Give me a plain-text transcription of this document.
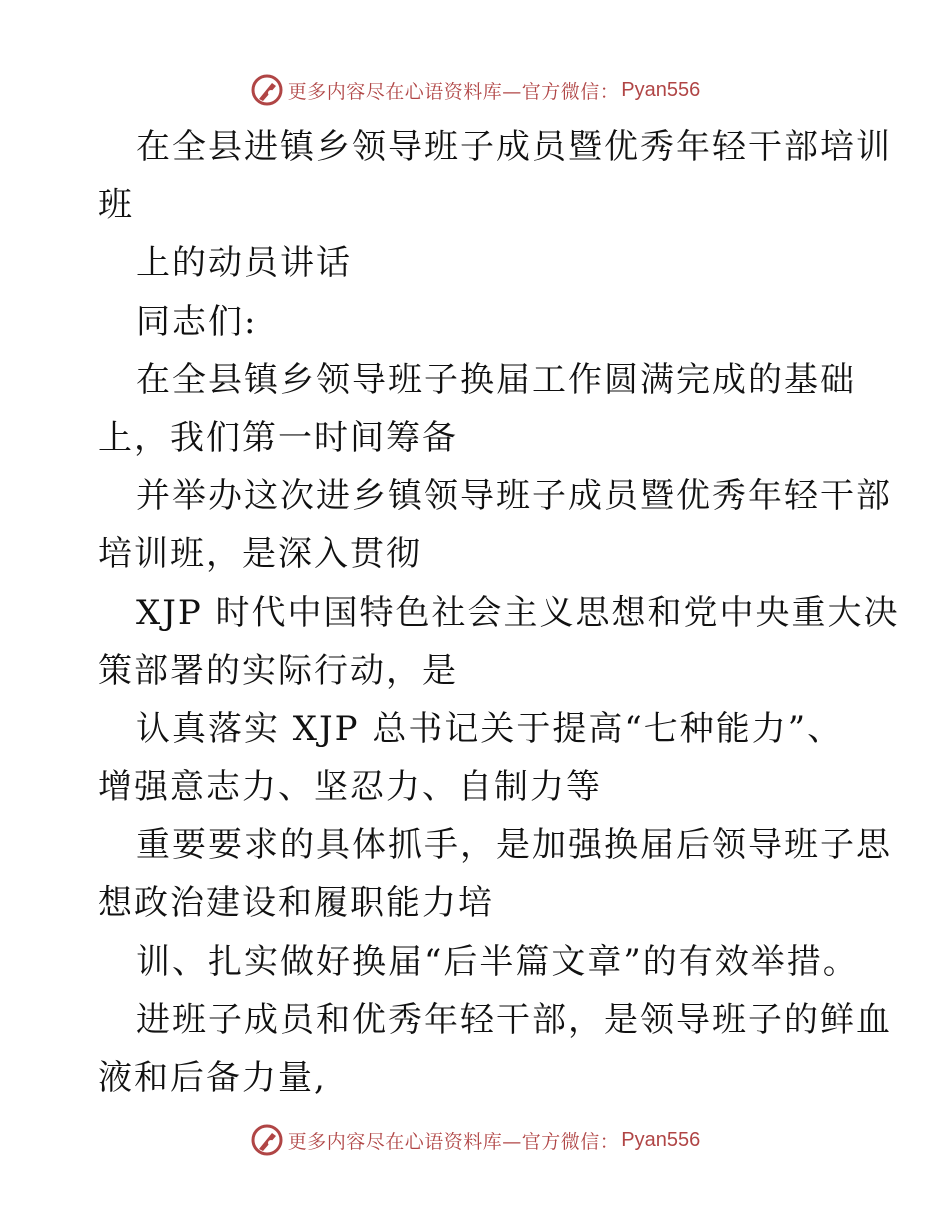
更多内容尽在心语资料库—官方微信： Pyan556
在全县进镇乡领导班子成员暨优秀年轻干部培训
班
上的动员讲话
同志们:
在全县镇乡领导班子换届工作圆满完成的基础
上，我们第一时间筹备
并举办这次进乡镇领导班子成员暨优秀年轻干部
培训班，是深入贯彻
XJP 时代中国特色社会主义思想和党中央重大决
策部署的实际行动，是
认真落实 XJP 总书记关于提高“七种能力”、
增强意志力、坚忍力、自制力等
重要要求的具体抓手，是加强换届后领导班子思
想政治建设和履职能力培
训、扎实做好换届“后半篇文章”的有效举措。
进班子成员和优秀年轻干部，是领导班子的鲜血
液和后备力量,
更多内容尽在心语资料库—官方微信： Pyan556
